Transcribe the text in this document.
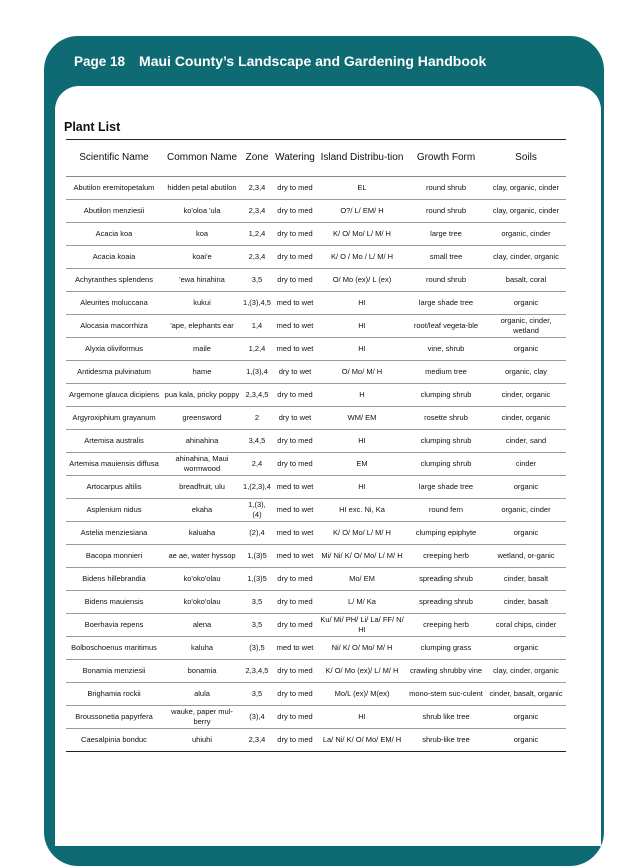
Page 18 Maui County’s Landscape and Gardening Handbook
Plant List
Scientific Name	Common Name	Zone	Watering	Island Distribu-tion	Growth Form	Soils
Abutilon eremitopetalum	hidden petal abutilon	2,3,4	dry to med	EL	round shrub	clay, organic, cinder
Abutilon menziesii	ko'oloa 'ula	2,3,4	dry to med	O?/ L/ EM/ H	round shrub	clay, organic, cinder
Acacia koa	koa	1,2,4	dry to med	K/ O/ Mo/ L/ M/ H	large tree	organic, cinder
Acacia koaia	koai'e	2,3,4	dry to med	K/ O / Mo / L/ M/ H	small tree	clay, cinder, organic
Achyranthes splendens	'ewa hinahina	3,5	dry to med	O/ Mo (ex)/ L (ex)	round shrub	basalt, coral
Aleurites moluccana	kukui	1,(3),4,5	med to wet	HI	large shade tree	organic
Alocasia macorrhiza	'ape, elephants ear	1,4	med to wet	HI	root/leaf vegeta-ble	organic, cinder, wetland
Alyxia oliviformus	maile	1,2,4	med to wet	HI	vine, shrub	organic
Antidesma pulvinatum	hame	1,(3),4	dry to wet	O/ Mo/ M/ H	medium tree	organic, clay
Argemone glauca dicipiens	pua kala, pricky poppy	2,3,4,5	dry to med	H	clumping shrub	cinder, organic
Argyroxiphium grayanum	greensword	2	dry to wet	WM/ EM	rosette shrub	cinder, organic
Artemisa australis	ahinahina	3,4,5	dry to med	HI	clumping shrub	cinder, sand
Artemisa mauiensis diffusa	ahinahina, Maui wormwood	2,4	dry to med	EM	clumping shrub	cinder
Artocarpus altilis	breadfruit, ulu	1,(2,3),4	med to wet	HI	large shade tree	organic
Asplenium nidus	ekaha	1,(3), (4)	med to wet	HI exc. Ni, Ka	round fern	organic, cinder
Astelia menziesiana	kaluaha	(2),4	med to wet	K/ O/ Mo/ L/ M/ H	clumping epiphyte	organic
Bacopa monnieri	ae ae, water hyssop	1,(3)5	med to wet	Mi/ Ni/ K/ O/ Mo/ L/ M/ H	creeping herb	wetland, or-ganic
Bidens hillebrandia	ko'oko'olau	1,(3)5	dry to med	Mo/ EM	spreading shrub	cinder, basalt
Bidens mauiensis	ko'oko'olau	3,5	dry to med	L/ M/ Ka	spreading shrub	cinder, basalt
Boerhavia repens	alena	3,5	dry to med	Ku/ Mi/ PH/ Li/ La/ FF/ N/ HI	creeping herb	coral chips, cinder
Bolboschoenus maritimus	kaluha	(3),5	med to wet	Ni/ K/ O/ Mo/ M/ H	clumping grass	organic
Bonamia menziesii	bonamia	2,3,4,5	dry to med	K/ O/ Mo (ex)/ L/ M/ H	crawling shrubby vine	clay, cinder, organic
Brighamia rockii	alula	3,5	dry to med	Mo/L (ex)/ M(ex)	mono-stem suc-culent	cinder, basalt, organic
Broussonetia papyrfera	wauke, paper mul-berry	(3),4	dry to med	HI	shrub like tree	organic
Caesalpinia bonduc	uhiuhi	2,3,4	dry to med	La/ Ni/ K/ O/ Mo/ EM/ H	shrub-like tree	organic
